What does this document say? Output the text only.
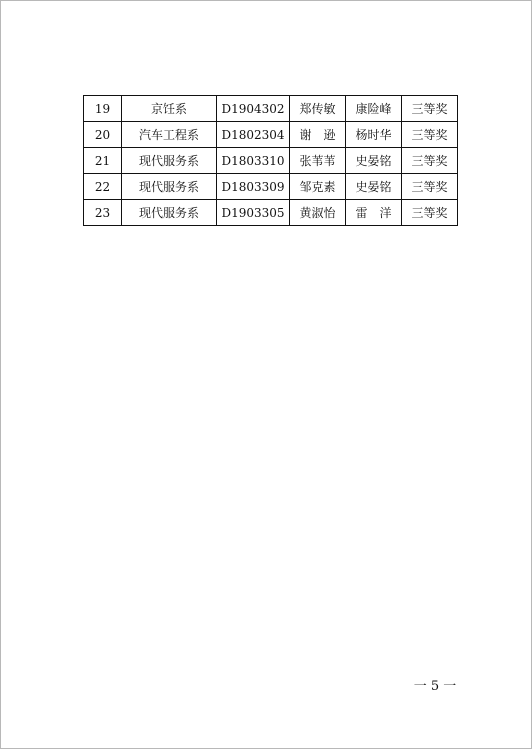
19	京饪系	D1904302	郑传敏	康险峰	三等奖
20	汽车工程系	D1802304	谢　逊	杨时华	三等奖
21	现代服务系	D1803310	张苇苇	史晏铭	三等奖
22	现代服务系	D1803309	邹克素	史晏铭	三等奖
23	现代服务系	D1903305	黄淑怡	雷　洋	三等奖
一 5 一
